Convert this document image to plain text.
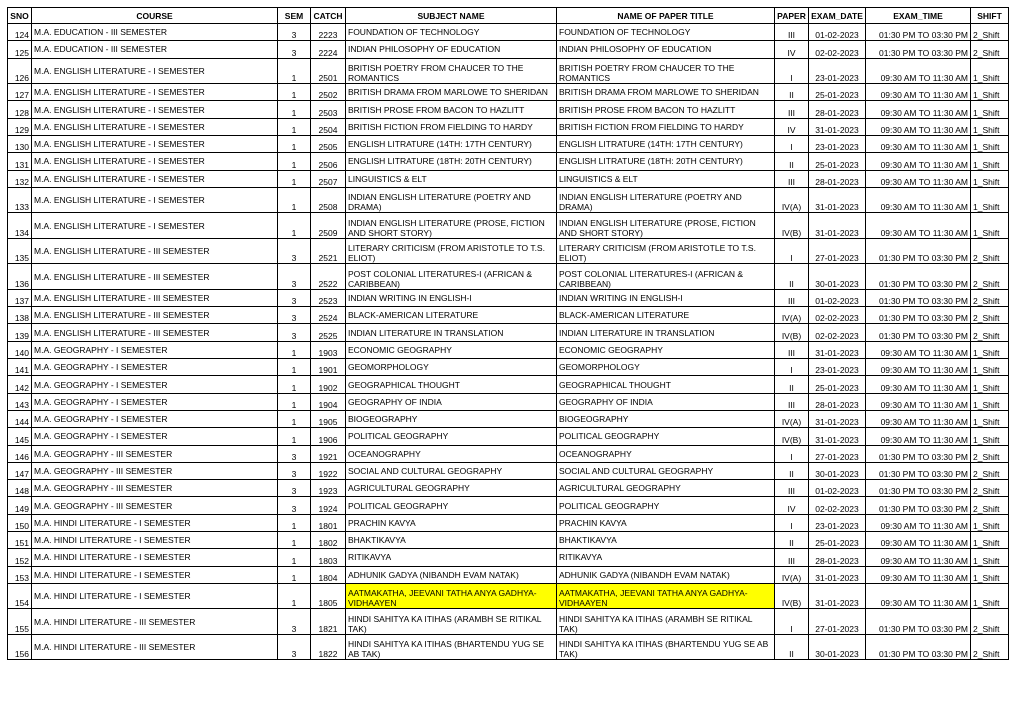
SNO	COURSE	SEM	CATCH	SUBJECT NAME	NAME OF PAPER TITLE	PAPER	EXAM_DATE	EXAM_TIME	SHIFT
124	M.A. EDUCATION - III SEMESTER	3	2223	FOUNDATION OF TECHNOLOGY	FOUNDATION OF TECHNOLOGY	III	01-02-2023	01:30 PM TO 03:30 PM	2_Shift
125	M.A. EDUCATION - III SEMESTER	3	2224	INDIAN PHILOSOPHY OF EDUCATION	INDIAN PHILOSOPHY OF EDUCATION	IV	02-02-2023	01:30 PM TO 03:30 PM	2_Shift
126	M.A. ENGLISH LITERATURE - I SEMESTER	1	2501	BRITISH POETRY FROM CHAUCER TO THE ROMANTICS	BRITISH POETRY FROM CHAUCER TO THE ROMANTICS	I	23-01-2023	09:30 AM TO 11:30 AM	1_Shift
127	M.A. ENGLISH LITERATURE - I SEMESTER	1	2502	BRITISH DRAMA FROM MARLOWE TO SHERIDAN	BRITISH DRAMA FROM MARLOWE TO SHERIDAN	II	25-01-2023	09:30 AM TO 11:30 AM	1_Shift
128	M.A. ENGLISH LITERATURE - I SEMESTER	1	2503	BRITISH PROSE FROM BACON TO HAZLITT	BRITISH PROSE FROM BACON TO HAZLITT	III	28-01-2023	09:30 AM TO 11:30 AM	1_Shift
129	M.A. ENGLISH LITERATURE - I SEMESTER	1	2504	BRITISH FICTION FROM FIELDING TO HARDY	BRITISH FICTION FROM FIELDING TO HARDY	IV	31-01-2023	09:30 AM TO 11:30 AM	1_Shift
130	M.A. ENGLISH LITERATURE - I SEMESTER	1	2505	ENGLISH LITRATURE (14TH: 17TH CENTURY)	ENGLISH LITRATURE (14TH: 17TH CENTURY)	I	23-01-2023	09:30 AM TO 11:30 AM	1_Shift
131	M.A. ENGLISH LITERATURE - I SEMESTER	1	2506	ENGLISH LITRATURE (18TH: 20TH CENTURY)	ENGLISH LITRATURE (18TH: 20TH CENTURY)	II	25-01-2023	09:30 AM TO 11:30 AM	1_Shift
132	M.A. ENGLISH LITERATURE - I SEMESTER	1	2507	LINGUISTICS & ELT	LINGUISTICS & ELT	III	28-01-2023	09:30 AM TO 11:30 AM	1_Shift
133	M.A. ENGLISH LITERATURE - I SEMESTER	1	2508	INDIAN ENGLISH LITERATURE (POETRY AND DRAMA)	INDIAN ENGLISH LITERATURE (POETRY AND DRAMA)	IV(A)	31-01-2023	09:30 AM TO 11:30 AM	1_Shift
134	M.A. ENGLISH LITERATURE - I SEMESTER	1	2509	INDIAN ENGLISH LITERATURE (PROSE, FICTION AND SHORT STORY)	INDIAN ENGLISH LITERATURE (PROSE, FICTION AND SHORT STORY)	IV(B)	31-01-2023	09:30 AM TO 11:30 AM	1_Shift
135	M.A. ENGLISH LITERATURE - III SEMESTER	3	2521	LITERARY CRITICISM (FROM ARISTOTLE TO T.S. ELIOT)	LITERARY CRITICISM (FROM ARISTOTLE TO T.S. ELIOT)	I	27-01-2023	01:30 PM TO 03:30 PM	2_Shift
136	M.A. ENGLISH LITERATURE - III SEMESTER	3	2522	POST COLONIAL LITERATURES-I (AFRICAN & CARIBBEAN)	POST COLONIAL LITERATURES-I (AFRICAN & CARIBBEAN)	II	30-01-2023	01:30 PM TO 03:30 PM	2_Shift
137	M.A. ENGLISH LITERATURE - III SEMESTER	3	2523	INDIAN WRITING IN ENGLISH-I	INDIAN WRITING IN ENGLISH-I	III	01-02-2023	01:30 PM TO 03:30 PM	2_Shift
138	M.A. ENGLISH LITERATURE - III SEMESTER	3	2524	BLACK-AMERICAN LITERATURE	BLACK-AMERICAN LITERATURE	IV(A)	02-02-2023	01:30 PM TO 03:30 PM	2_Shift
139	M.A. ENGLISH LITERATURE - III SEMESTER	3	2525	INDIAN LITERATURE IN TRANSLATION	INDIAN LITERATURE IN TRANSLATION	IV(B)	02-02-2023	01:30 PM TO 03:30 PM	2_Shift
140	M.A. GEOGRAPHY - I SEMESTER	1	1903	ECONOMIC GEOGRAPHY	ECONOMIC GEOGRAPHY	III	31-01-2023	09:30 AM TO 11:30 AM	1_Shift
141	M.A. GEOGRAPHY - I SEMESTER	1	1901	GEOMORPHOLOGY	GEOMORPHOLOGY	I	23-01-2023	09:30 AM TO 11:30 AM	1_Shift
142	M.A. GEOGRAPHY - I SEMESTER	1	1902	GEOGRAPHICAL THOUGHT	GEOGRAPHICAL THOUGHT	II	25-01-2023	09:30 AM TO 11:30 AM	1_Shift
143	M.A. GEOGRAPHY - I SEMESTER	1	1904	GEOGRAPHY OF INDIA	GEOGRAPHY OF INDIA	III	28-01-2023	09:30 AM TO 11:30 AM	1_Shift
144	M.A. GEOGRAPHY - I SEMESTER	1	1905	BIOGEOGRAPHY	BIOGEOGRAPHY	IV(A)	31-01-2023	09:30 AM TO 11:30 AM	1_Shift
145	M.A. GEOGRAPHY - I SEMESTER	1	1906	POLITICAL GEOGRAPHY	POLITICAL GEOGRAPHY	IV(B)	31-01-2023	09:30 AM TO 11:30 AM	1_Shift
146	M.A. GEOGRAPHY - III SEMESTER	3	1921	OCEANOGRAPHY	OCEANOGRAPHY	I	27-01-2023	01:30 PM TO 03:30 PM	2_Shift
147	M.A. GEOGRAPHY - III SEMESTER	3	1922	SOCIAL AND CULTURAL GEOGRAPHY	SOCIAL AND CULTURAL GEOGRAPHY	II	30-01-2023	01:30 PM TO 03:30 PM	2_Shift
148	M.A. GEOGRAPHY - III SEMESTER	3	1923	AGRICULTURAL GEOGRAPHY	AGRICULTURAL GEOGRAPHY	III	01-02-2023	01:30 PM TO 03:30 PM	2_Shift
149	M.A. GEOGRAPHY - III SEMESTER	3	1924	POLITICAL GEOGRAPHY	POLITICAL GEOGRAPHY	IV	02-02-2023	01:30 PM TO 03:30 PM	2_Shift
150	M.A. HINDI LITERATURE - I SEMESTER	1	1801	PRACHIN KAVYA	PRACHIN KAVYA	I	23-01-2023	09:30 AM TO 11:30 AM	1_Shift
151	M.A. HINDI LITERATURE - I SEMESTER	1	1802	BHAKTIKAVYA	BHAKTIKAVYA	II	25-01-2023	09:30 AM TO 11:30 AM	1_Shift
152	M.A. HINDI LITERATURE - I SEMESTER	1	1803	RITIKAVYA	RITIKAVYA	III	28-01-2023	09:30 AM TO 11:30 AM	1_Shift
153	M.A. HINDI LITERATURE - I SEMESTER	1	1804	ADHUNIK GADYA (NIBANDH EVAM NATAK)	ADHUNIK GADYA (NIBANDH EVAM NATAK)	IV(A)	31-01-2023	09:30 AM TO 11:30 AM	1_Shift
154	M.A. HINDI LITERATURE - I SEMESTER	1	1805	AATMAKATHA, JEEVANI TATHA ANYA GADHYA-VIDHAAYEN	AATMAKATHA, JEEVANI TATHA ANYA GADHYA-VIDHAAYEN	IV(B)	31-01-2023	09:30 AM TO 11:30 AM	1_Shift
155	M.A. HINDI LITERATURE - III SEMESTER	3	1821	HINDI SAHITYA KA ITIHAS (ARAMBH SE RITIKAL TAK)	HINDI SAHITYA KA ITIHAS (ARAMBH SE RITIKAL TAK)	I	27-01-2023	01:30 PM TO 03:30 PM	2_Shift
156	M.A. HINDI LITERATURE - III SEMESTER	3	1822	HINDI SAHITYA KA ITIHAS (BHARTENDU YUG SE AB TAK)	HINDI SAHITYA KA ITIHAS (BHARTENDU YUG SE AB TAK)	II	30-01-2023	01:30 PM TO 03:30 PM	2_Shift
